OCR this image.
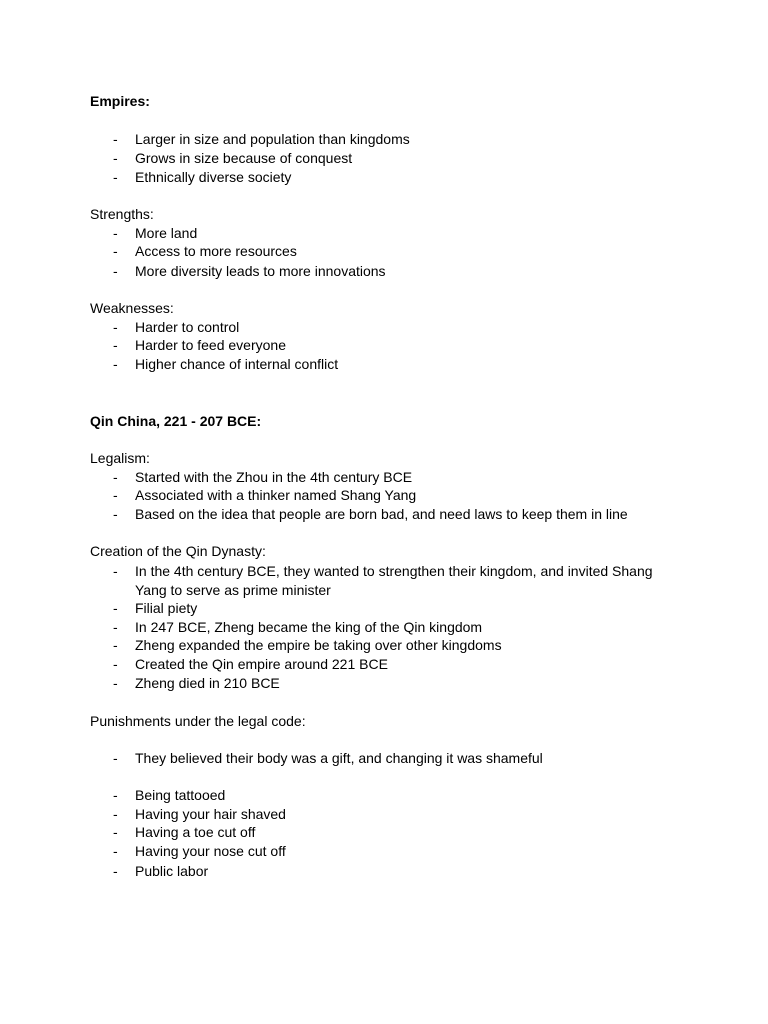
Empires:
- Larger in size and population than kingdoms
- Grows in size because of conquest
- Ethnically diverse society
Strengths:
- More land
- Access to more resources
- More diversity leads to more innovations
Weaknesses:
- Harder to control
- Harder to feed everyone
- Higher chance of internal conflict
Qin China, 221 - 207 BCE:
Legalism:
- Started with the Zhou in the 4th century BCE
- Associated with a thinker named Shang Yang
- Based on the idea that people are born bad, and need laws to keep them in line
Creation of the Qin Dynasty:
- In the 4th century BCE, they wanted to strengthen their kingdom, and invited Shang Yang to serve as prime minister
- Filial piety
- In 247 BCE, Zheng became the king of the Qin kingdom
- Zheng expanded the empire be taking over other kingdoms
- Created the Qin empire around 221 BCE
- Zheng died in 210 BCE
Punishments under the legal code:
- They believed their body was a gift, and changing it was shameful
- Being tattooed
- Having your hair shaved
- Having a toe cut off
- Having your nose cut off
- Public labor
